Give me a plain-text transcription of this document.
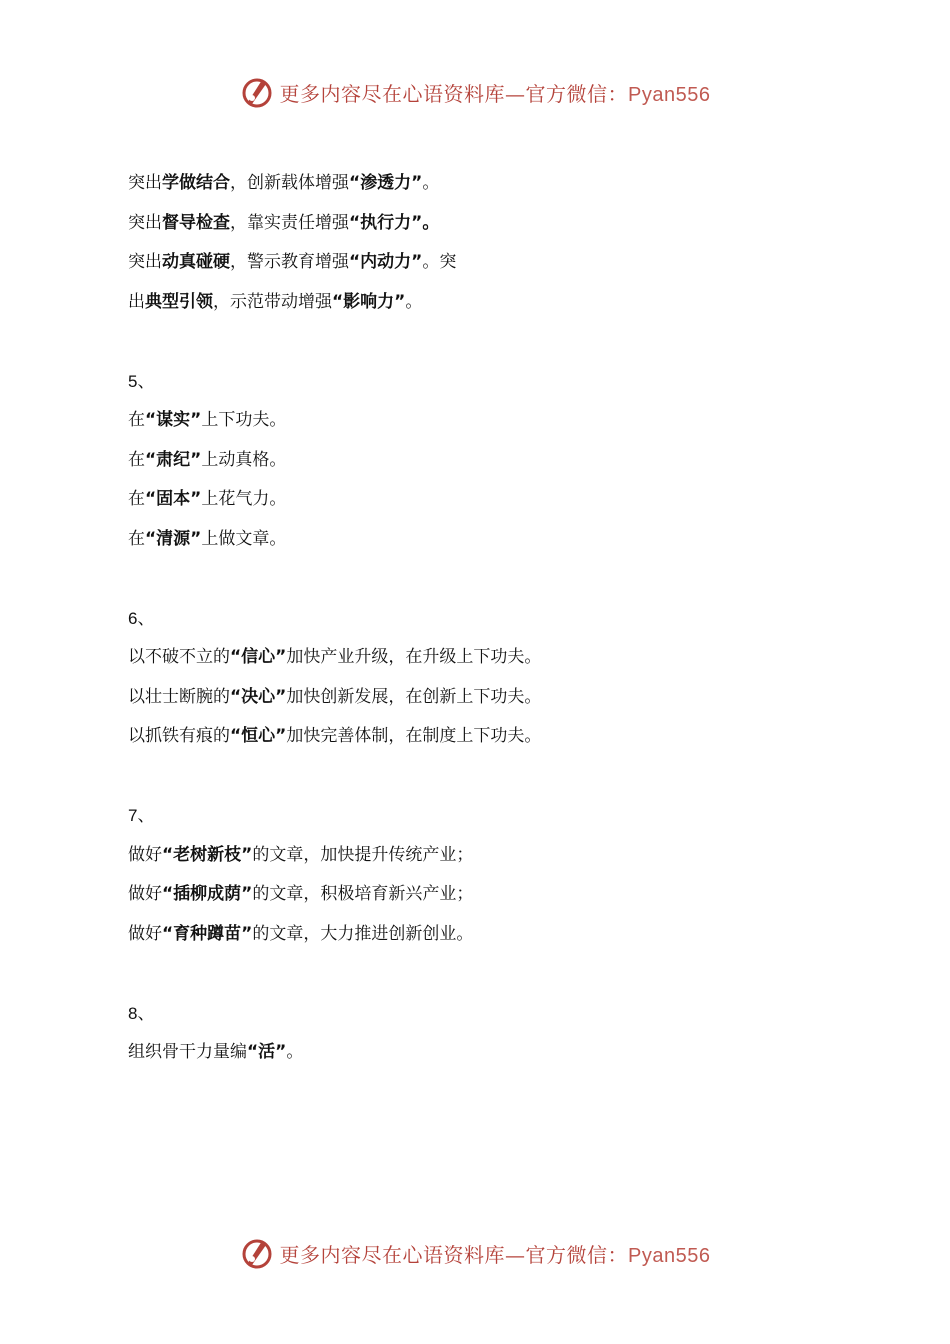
更多内容尽在心语资料库—官方微信：Pyan556
突出学做结合，创新载体增强“渗透力”。
突出督导检查，靠实责任增强“执行力”。
突出动真碰硬，警示教育增强“内动力”。突
出典型引领，示范带动增强“影响力”。
5、
在“谋实”上下功夫。
在“肃纪”上动真格。
在“固本”上花气力。
在“清源”上做文章。
6、
以不破不立的“信心”加快产业升级，在升级上下功夫。
以壮士断腕的“决心”加快创新发展，在创新上下功夫。
以抓铁有痕的“恒心”加快完善体制，在制度上下功夫。
7、
做好“老树新枝”的文章，加快提升传统产业；
做好“插柳成荫”的文章，积极培育新兴产业；
做好“育种蹲苗”的文章，大力推进创新创业。
8、
组织骨干力量编“活”。
更多内容尽在心语资料库—官方微信：Pyan556
